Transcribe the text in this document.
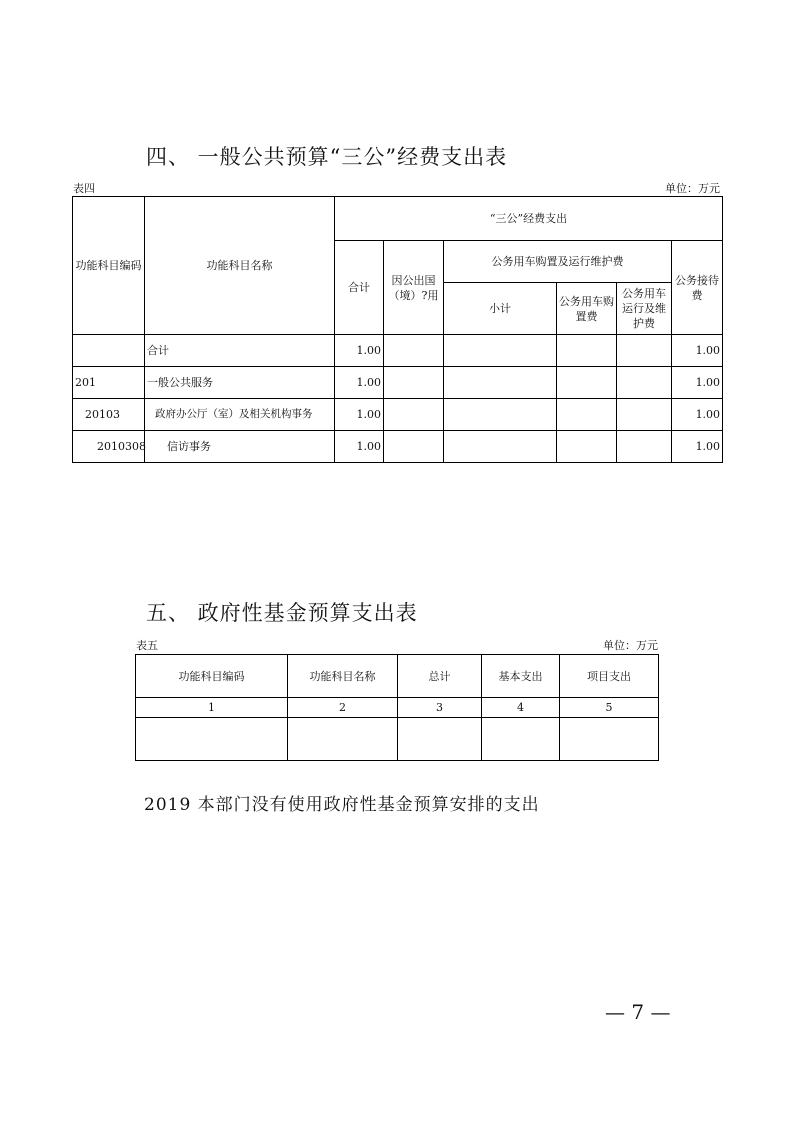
四、 一般公共预算“三公”经费支出表
表四	单位：万元
功能科目编码	功能科目名称	“三公”经费支出					
		合计	因公出国（境）?用	公务用车购置及运行维护费			公务接待费
				小计	公务用车购置费	公务用车运行及维护费	
	合计	1.00					1.00
201	一般公共服务	1.00					1.00
20103	政府办公厅（室）及相关机构事务	1.00					1.00
2010308	信访事务	1.00					1.00
五、 政府性基金预算支出表
表五	单位：万元
功能科目编码	功能科目名称	总计	基本支出	项目支出
1	2	3	4	5

2019 本部门没有使用政府性基金预算安排的支出
— 7 —
